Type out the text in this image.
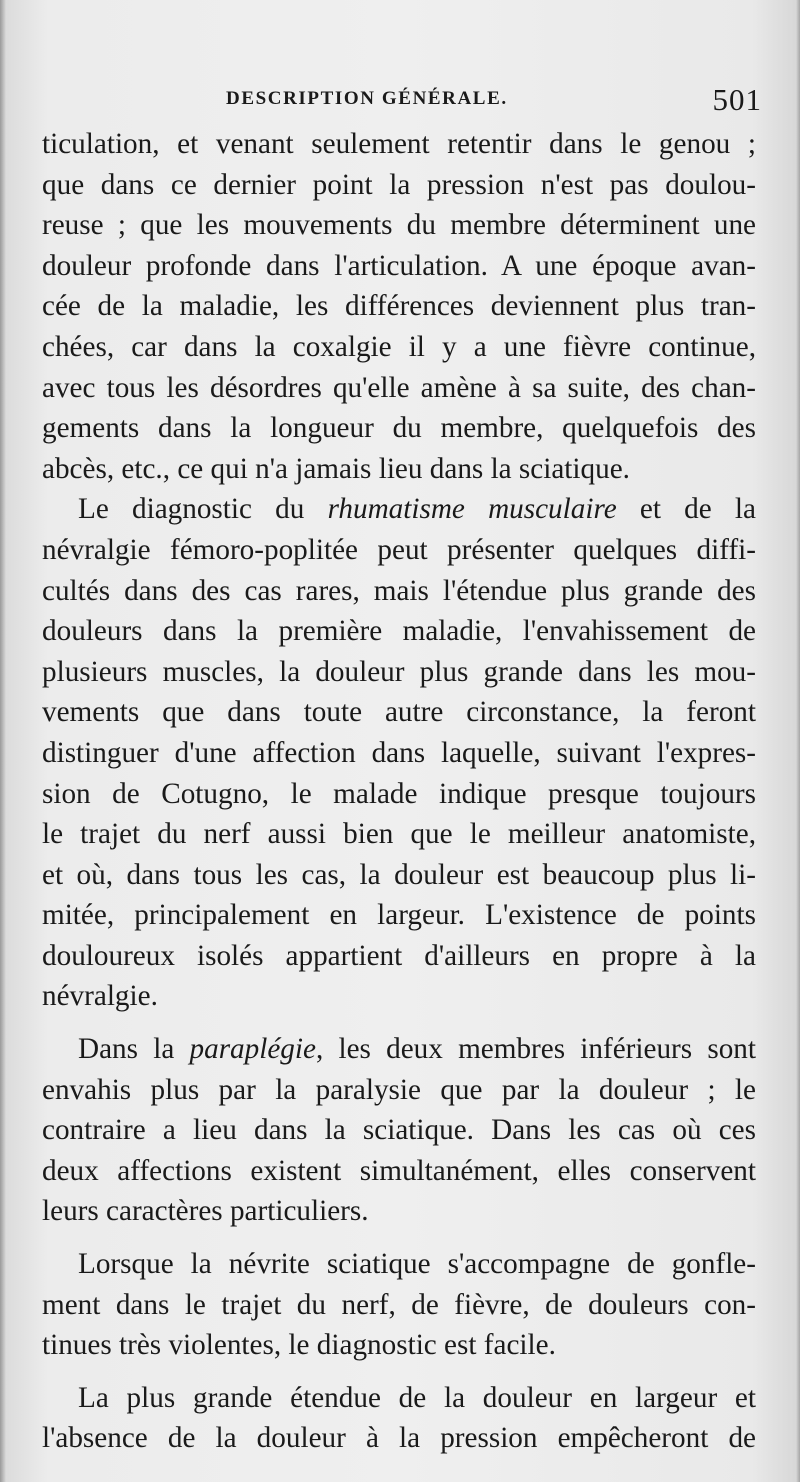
DESCRIPTION GÉNÉRALE.	501
ticulation, et venant seulement retentir dans le genou ;
que dans ce dernier point la pression n'est pas doulou-
reuse ; que les mouvements du membre déterminent une
douleur profonde dans l'articulation. A une époque avan-
cée de la maladie, les différences deviennent plus tran-
chées, car dans la coxalgie il y a une fièvre continue,
avec tous les désordres qu'elle amène à sa suite, des chan-
gements dans la longueur du membre, quelquefois des
abcès, etc., ce qui n'a jamais lieu dans la sciatique.
Le diagnostic du rhumatisme musculaire et de la
névralgie fémoro-poplitée peut présenter quelques diffi-
cultés dans des cas rares, mais l'étendue plus grande des
douleurs dans la première maladie, l'envahissement de
plusieurs muscles, la douleur plus grande dans les mou-
vements que dans toute autre circonstance, la feront
distinguer d'une affection dans laquelle, suivant l'expres-
sion de Cotugno, le malade indique presque toujours
le trajet du nerf aussi bien que le meilleur anatomiste,
et où, dans tous les cas, la douleur est beaucoup plus li-
mitée, principalement en largeur. L'existence de points
douloureux isolés appartient d'ailleurs en propre à la
névralgie.
Dans la paraplégie, les deux membres inférieurs sont
envahis plus par la paralysie que par la douleur ; le
contraire a lieu dans la sciatique. Dans les cas où ces
deux affections existent simultanément, elles conservent
leurs caractères particuliers.
Lorsque la névrite sciatique s'accompagne de gonfle-
ment dans le trajet du nerf, de fièvre, de douleurs con-
tinues très violentes, le diagnostic est facile.
La plus grande étendue de la douleur en largeur et
l'absence de la douleur à la pression empêcheront de
